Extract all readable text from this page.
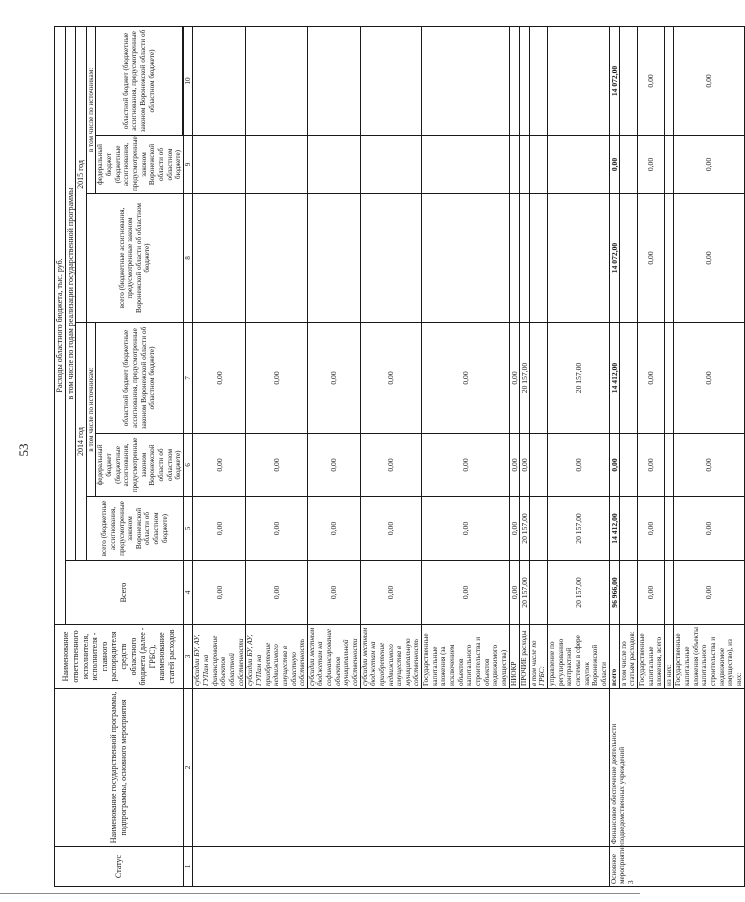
53
Статус	Наименование государственной программы, подпрограммы, основного мероприятия	Наименование ответственного исполнителя, исполнителя - главного распорядителя средств областного бюджета (далее - ГРБС), наименование статей расходов	Расходы областного бюджета, тыс. руб.							
			Всего	в том числе по годам реализации государственной программы						
				2014 год			2015 год			
				всего (бюджетные ассигнования, предусмотренные законом Воронежской области об областном бюджете)	в том числе по источникам:		всего (бюджетные ассигнования, предусмотренные законом Воронежской области об областном бюджете)	в том числе по источникам:		
					федеральный бюджет (бюджетные ассигнования, предусмотренные законом Воронежской области об областном бюджете)	областной бюджет (бюджетные ассигнования, предусмотренные законом Воронежской области об областном бюджете)		федеральный бюджет (бюджетные ассигнования, предусмотренные законом Воронежской области об областном бюджете)	областной бюджет (бюджетные ассигнования, предусмотренные законом Воронежской области об областном бюджете)	

1	2	3	4	5	6	7	8	9	10	
		субсидии БУ, АУ, ГУПам на финансирование объектов областной собственности	0,00	0,00	0,00	0,00				
		субсидии БУ, АУ, ГУПам на приобретение недвижимого имущества в областную собственность	0,00	0,00	0,00	0,00				
		субсидии местным бюджетам на софинансирование объектов муниципальной собственности	0,00	0,00	0,00	0,00				
		субсидии местным бюджетам на приобретение недвижимого имущества в муниципальную собственность	0,00	0,00	0,00	0,00				
		Государственные капитальные вложения (за исключением объектов капитального строительства и объектов недвижимого имущества)	0,00	0,00	0,00	0,00				
		НИОКР	0,00	0,00	0,00	0,00				
		ПРОЧИЕ расходы	20 157,00	20 157,00	0,00	20 157,00				
		в том числе по ГРБС:								
		управление по регулированию контрактной системы в сфере закупок Воронежской области	20 157,00	20 157,00	0,00	20 157,00				
Основное мероприятие 3	Финансовое обеспечение деятельности подведомственных учреждений	всего	96 966,00	14 412,00	0,00	14 412,00	14 072,00	0,00	14 072,00	
		в том числе по статьям расходов:								
		Государственные капитальные вложения, всего	0,00	0,00	0,00	0,00	0,00	0,00	0,00	
		из них:								
		Государственные капитальные вложения (объекты капитального строительства и недвижимое имущество), из них:	0,00	0,00	0,00	0,00	0,00	0,00	0,00	
